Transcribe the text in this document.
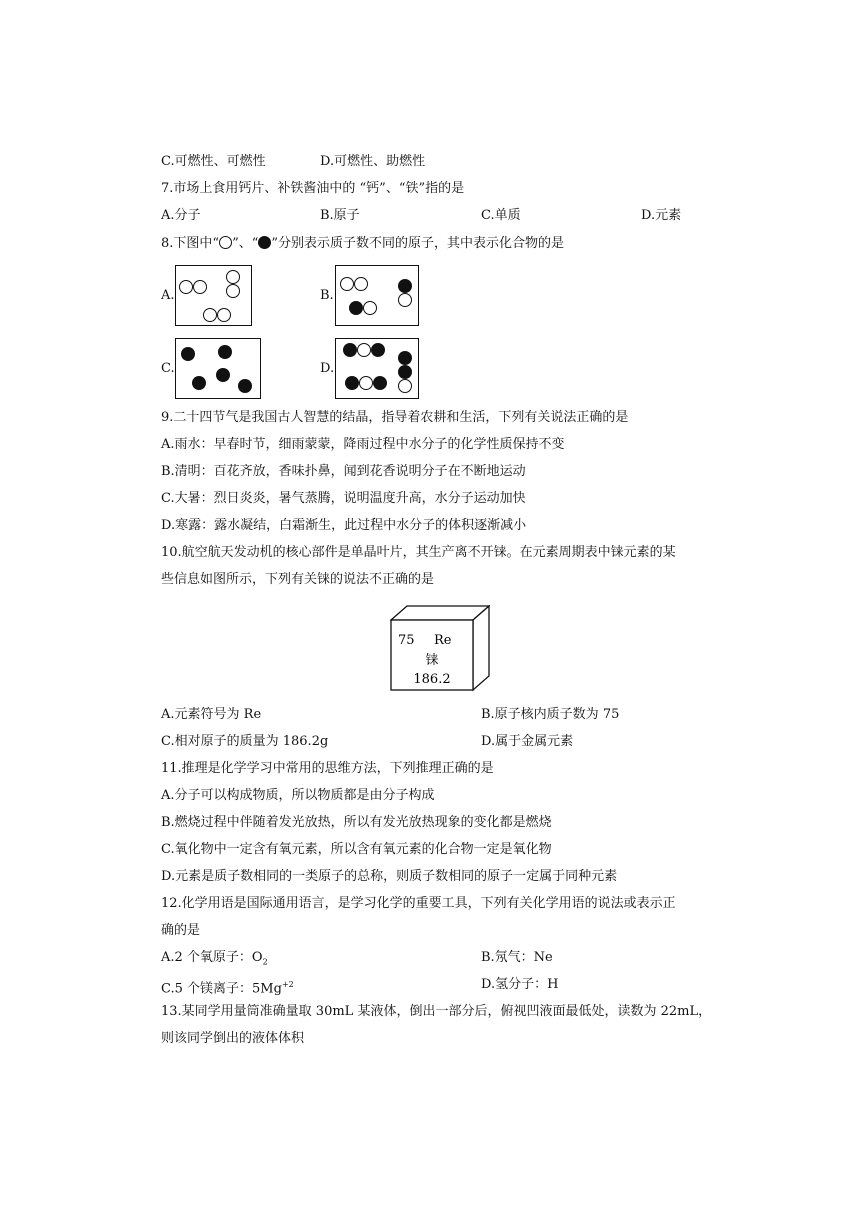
C.可燃性、可燃性	D.可燃性、助燃性
7.市场上食用钙片、补铁酱油中的 “钙”、“铁”指的是
A.分子	B.原子	C.单质	D.元素
8.下图中“ ”、“ ”分别表示质子数不同的原子，其中表示化合物的是
A.	B.
C.	D.
9.二十四节气是我国古人智慧的结晶，指导着农耕和生活，下列有关说法正确的是
A.雨水：早春时节，细雨蒙蒙，降雨过程中水分子的化学性质保持不变
B.清明：百花齐放，香味扑鼻，闻到花香说明分子在不断地运动
C.大暑：烈日炎炎，暑气蒸腾，说明温度升高，水分子运动加快
D.寒露：露水凝结，白霜渐生，此过程中水分子的体积逐渐减小
10.航空航天发动机的核心部件是单晶叶片，其生产离不开铼。在元素周期表中铼元素的某
些信息如图所示，下列有关铼的说法不正确的是
75 Re
铼
186.2
A.元素符号为 Re	B.原子核内质子数为 75
C.相对原子的质量为 186.2g	D.属于金属元素
11.推理是化学学习中常用的思维方法，下列推理正确的是
A.分子可以构成物质，所以物质都是由分子构成
B.燃烧过程中伴随着发光放热，所以有发光放热现象的变化都是燃烧
C.氧化物中一定含有氧元素，所以含有氧元素的化合物一定是氧化物
D.元素是质子数相同的一类原子的总称，则质子数相同的原子一定属于同种元素
12.化学用语是国际通用语言，是学习化学的重要工具，下列有关化学用语的说法或表示正
确的是
A.2 个氧原子：$O_2$	B.氖气：Ne
C.5 个镁离子：$5Mg^{+2}$	D.氢分子：H
13.某同学用量筒准确量取 30mL 某液体，倒出一部分后，俯视凹液面最低处，读数为 22mL，
则该同学倒出的液体体积
